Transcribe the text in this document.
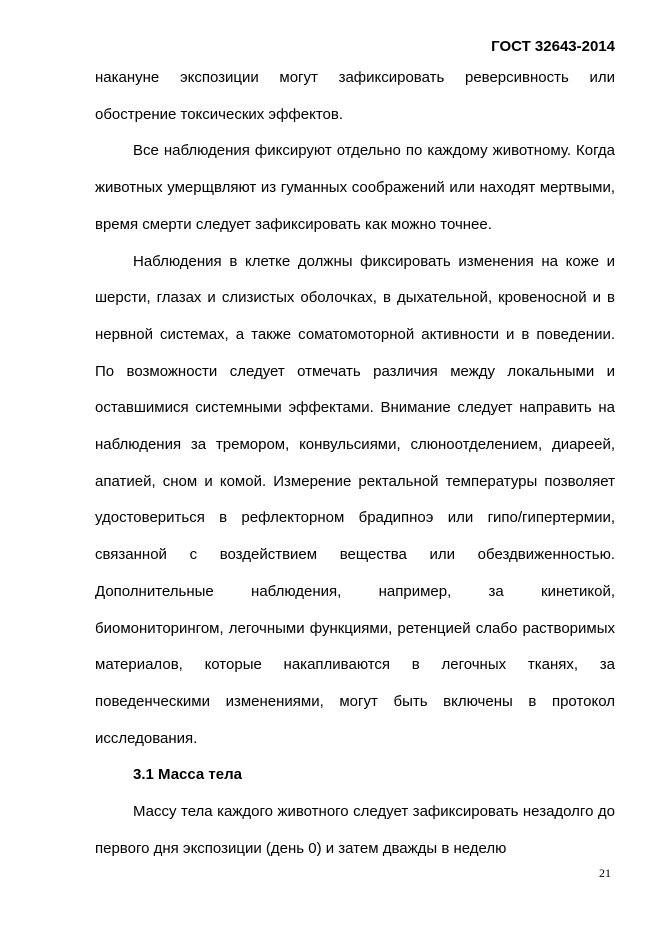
ГОСТ 32643-2014

накануне экспозиции могут зафиксировать реверсивность или обострение токсических эффектов.

Все наблюдения фиксируют отдельно по каждому животному. Когда животных умерщвляют из гуманных соображений или находят мертвыми, время смерти следует зафиксировать как можно точнее.

Наблюдения в клетке должны фиксировать изменения на коже и шерсти, глазах и слизистых оболочках, в дыхательной, кровеносной и в нервной системах, а также соматомоторной активности и в поведении. По возможности следует отмечать различия между локальными и оставшимися системными эффектами. Внимание следует направить на наблюдения за тремором, конвульсиями, слюноотделением, диареей, апатией, сном и комой. Измерение ректальной температуры позволяет удостовериться в рефлекторном брадипноэ или гипо/гипертермии, связанной с воздействием вещества или обездвиженностью. Дополнительные наблюдения, например, за кинетикой, биомониторингом, легочными функциями, ретенцией слабо растворимых материалов, которые накапливаются в легочных тканях, за поведенческими изменениями, могут быть включены в протокол исследования.

3.1 Масса тела

Массу тела каждого животного следует зафиксировать незадолго до первого дня экспозиции (день 0) и затем дважды в неделю

21
